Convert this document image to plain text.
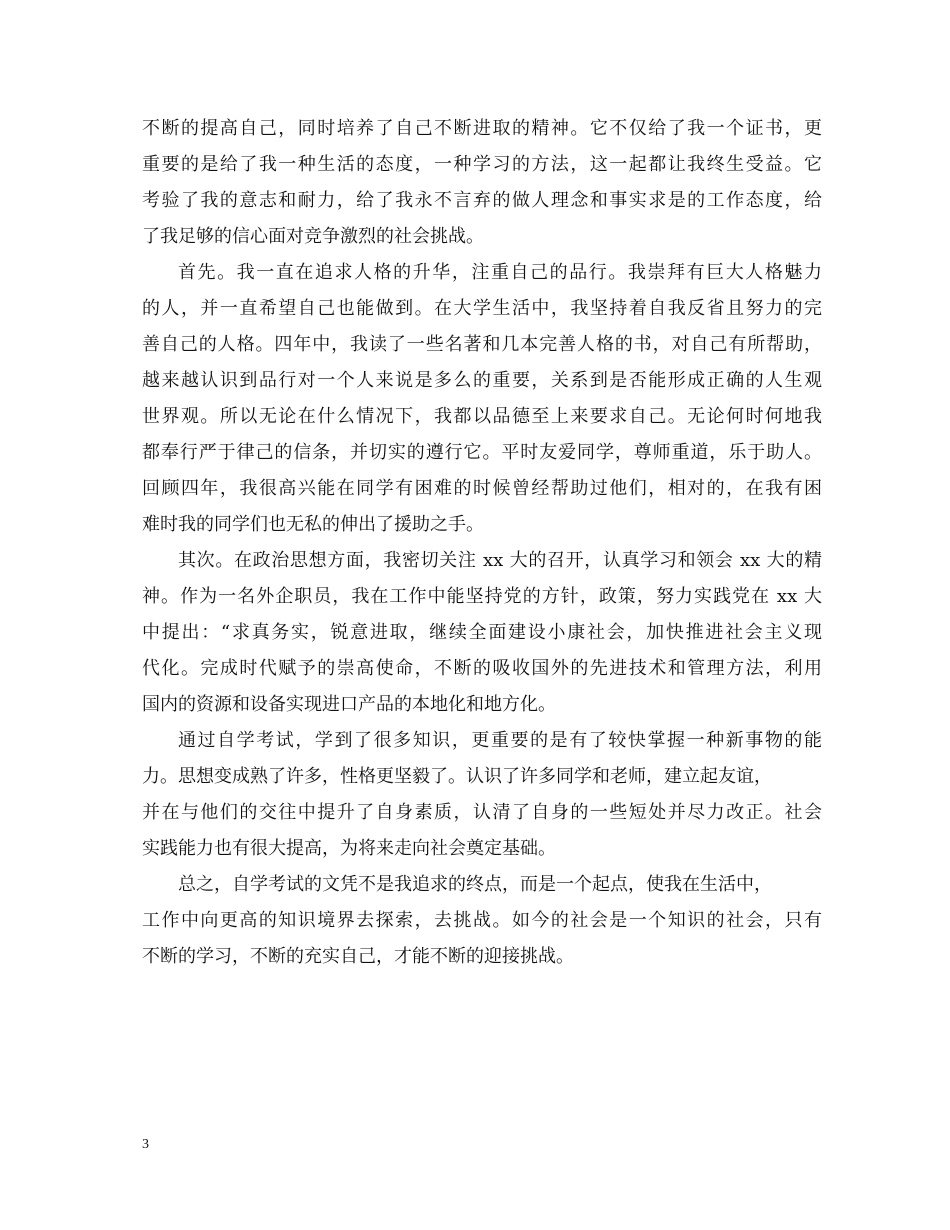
不断的提高自己，同时培养了自己不断进取的精神。它不仅给了我一个证书，更
重要的是给了我一种生活的态度，一种学习的方法，这一起都让我终生受益。它
考验了我的意志和耐力，给了我永不言弃的做人理念和事实求是的工作态度，给
了我足够的信心面对竞争激烈的社会挑战。
首先。我一直在追求人格的升华，注重自己的品行。我崇拜有巨大人格魅力
的人，并一直希望自己也能做到。在大学生活中，我坚持着自我反省且努力的完
善自己的人格。四年中，我读了一些名著和几本完善人格的书，对自己有所帮助，
越来越认识到品行对一个人来说是多么的重要，关系到是否能形成正确的人生观
世界观。所以无论在什么情况下，我都以品德至上来要求自己。无论何时何地我
都奉行严于律己的信条，并切实的遵行它。平时友爱同学，尊师重道，乐于助人。
回顾四年，我很高兴能在同学有困难的时候曾经帮助过他们，相对的，在我有困
难时我的同学们也无私的伸出了援助之手。
其次。在政治思想方面，我密切关注 xx 大的召开，认真学习和领会 xx 大的精
神。作为一名外企职员，我在工作中能坚持党的方针，政策，努力实践党在 xx 大
中提出：“求真务实，锐意进取，继续全面建设小康社会，加快推进社会主义现
代化。完成时代赋予的崇高使命，不断的吸收国外的先进技术和管理方法，利用
国内的资源和设备实现进口产品的本地化和地方化。
通过自学考试，学到了很多知识，更重要的是有了较快掌握一种新事物的能
力。思想变成熟了许多，性格更坚毅了。认识了许多同学和老师，建立起友谊，
并在与他们的交往中提升了自身素质，认清了自身的一些短处并尽力改正。社会
实践能力也有很大提高，为将来走向社会奠定基础。
总之，自学考试的文凭不是我追求的终点，而是一个起点，使我在生活中，
工作中向更高的知识境界去探索，去挑战。如今的社会是一个知识的社会，只有
不断的学习，不断的充实自己，才能不断的迎接挑战。
3
